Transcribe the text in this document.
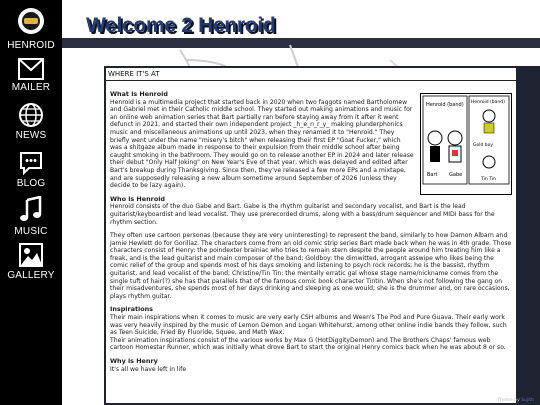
HENROID
MAILER
NEWS
BLOG
MUSIC
GALLERY
Welcome 2 Henroid
WHERE IT'S AT
Henroid (band) Henroid (band)
Bart Gabe
Gold boy
Tin Tin
What is Henroid

Henroid is a multimedia project that started back in 2020 when two faggots named Bartholomew and Gabriel met in their Catholic middle school. They started out making animations and music for an online web animation series that Bart partially ran before staying away from it after it went defunct in 2021, and started their own independent project _h_e_n_r_y_ making plunderphonics music and miscellaneous animations up until 2023, when they renamed it to "Henroid." They briefly went under the name "misery's bitch" when releasing their first EP "Goat Fucker," which was a shitgaze album made in response to their expulsion from their middle school after being caught smoking in the bathroom. They would go on to release another EP in 2024 and later release their debut "Only Half Joking" on New Year's Eve of that year, which was delayed and edited after Bart's breakup during Thanksgiving. Since then, they've released a few more EPs and a mixtape, and are supposedly releasing a new album sometime around September of 2026 (unless they decide to be lazy again).

Who is Henroid

Henroid consists of the duo Gabe and Bart. Gabe is the rhythm guitarist and secondary vocalist, and Bart is the lead guitarist/keyboardist and lead vocalist. They use prerecorded drums, along with a bass/drum sequencer and MIDI bass for the rhythm section.

They often use cartoon personas (because they are very uninteresting) to represent the band, similarly to how Damon Albarn and Jamie Hewlett do for Gorillaz. The characters come from an old comic strip series Bart made back when he was in 4th grade. Those characters consist of Henry: the poindexter brainiac who tries to remain stern despite the people around him treating him like a freak, and is the lead guitarist and main composer of the band; Goldboy: the dimwitted, arrogant asswipe who likes being the comic relief of the group and spends most of his days smoking and listening to psych rock records; he is the bassist, rhythm guitarist, and lead vocalist of the band; Christine/Tin Tin: the mentally erratic gal whose stage name/nickname comes from the single tuft of hair(?) she has that parallels that of the famous comic book character Tintin. When she's not following the gang on their misadventures, she spends most of her days drinking and sleeping as one would; she is the drummer and, on rare occasions, plays rhythm guitar.

Inspirations

Their main inspirations when it comes to music are very early CSH albums and Ween's The Pod and Pure Guava. Their early work was very heavily inspired by the music of Lemon Demon and Logan Whitehurst, among other online indie bands they follow, such as Teen Suicide, Fried By Fluoride, Squee, and Meth Wax.

Their animation inspirations consist of the various works by Max G (HotDiggityDemon) and The Brothers Chaps' famous web cartoon Homestar Runner, which was initially what drove Bart to start the original Henry comics back when he was about 8 or so.

Why is Henry

It's all we have left in life

Theme by Sujith
